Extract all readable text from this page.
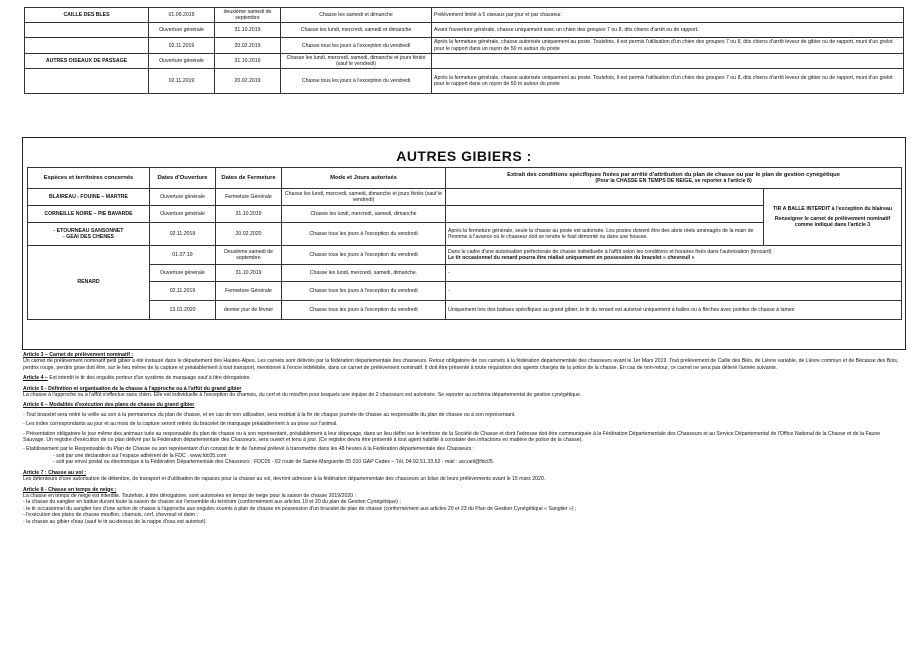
CAILLE DES BLES	01.09.2019	deuxième samedi de septembre	Chasse les samedi et dimanche	Prélèvement limité à 5 oiseaux par jour et par chasseur.
	Ouverture générale	31.10.2019	Chasse les lundi, mercredi, samedi et dimanche	Avant l'ouverture générale, chasse uniquement avec un chien des groupes 7 ou 8, dits chiens d'arrêt ou de rapport.
	02.11.2019	20.02.2019	Chasse tous les jours à l'exception du vendredi	Après la fermeture générale, chasse autorisée uniquement au poste. Toutefois, il est permis l'utilisation d'un chien des groupes 7 ou 8, dits chiens d'arrêt leveur de gibier ou de rapport, muni d'un grelot pour le rapport dans un rayon de 50 m autour du poste
AUTRES OISEAUX DE PASSAGE	Ouverture générale	31.10.2019	Chasse les lundi, mercredi, samedi, dimanche et jours fériés (sauf le vendredi)	
	02.11.2019	20.02.2019	Chasse tous les jours à l'exception du vendredi	Après la fermeture générale, chasse autorisée uniquement au poste. Toutefois, il est permis l'utilisation d'un chien des groupes 7 ou 8, dits chiens d'arrêt leveur de gibier ou de rapport, muni d'un grelot pour le rapport dans un rayon de 50 m autour du poste
AUTRES GIBIERS :
Espèces et territoires concernés	Dates d'Ouverture	Dates de Fermeture	Mode et Jours autorisés	Extrait des conditions spécifiques fixées par arrêté d'attribution du plan de chasse ou par le plan de gestion cynégétique
(Pour la CHASSE EN TEMPS DE NEIGE, se reporter à l'article 8)	
BLAIREAU - FOUINE – MARTRE	Ouverture générale	Fermeture Générale	Chasse les lundi, mercredi, samedi, dimanche et jours fériés (sauf le vendredi)		TIR A BALLE INTERDIT à l'exception du blaireau
Renseigner le carnet de prélèvement nominatif comme indiqué dans l'article 3

CORNEILLE NOIRE – PIE BAVARDE	Ouverture générale	31.10.2019	Chasse les lundi, mercredi, samedi, dimanche		

- ETOURNEAU SANSONNET
- GEAI DES CHENES	02.11.2019	20.02.2020	Chasse tous les jours à l'exception du vendredi	Après la fermeture générale, seule la chasse au poste est autorisée. Les postes doivent être des abris réels aménagés de la main de l'homme à l'avance où le chasseur doit se rendre le fusil démonté ou dans une housse.	
RENARD	01.07.19	Deuxième samedi de septembre	Chasse tous les jours à l'exception du vendredi	Dans le cadre d'une autorisation préfectorale de chasse individuelle à l'affût selon les conditions et horaires fixés dans l'autorisation (brocard)
Le tir occasionnel du renard pourra être réalisé uniquement en possession du bracelet « chevreuil »	

	Ouverture générale	31.10.2019	Chasse les lundi, mercredi, samedi, dimanche.	-	
	02.11.2019	Fermeture Générale	Chasse tous les jours à l'exception du vendredi	-	
	13.01.2020	dernier jour de février	Chasse tous les jours à l'exception du vendredi	Uniquement lors des battues spécifiques au grand gibier, le tir du renard est autorisé uniquement à balles ou à flèches avec pointes de chasse à lames	

Article 3 – Carnet de prélèvement nominatif :
Un carnet de prélèvement nominatif petit gibier a été instauré dans le département des Hautes-Alpes. Les carnets sont délivrés par la fédération départementale des chasseurs. Retour obligatoire de ces carnets à la fédération départementale des chasseurs avant le 1er Mars 2019. Tout prélèvement de Caille des Blés, de Lièvre variable, de Lièvre commun et de Bécasse des Bois, perdrix rouge, perdrix grise doit être, sur le lieu même de la capture et préalablement à tout transport, mentionné à l'encre indélébile, dans ce carnet de prélèvement nominatif. Il doit être présenté à toute réquisition des agents chargés de la police de la chasse. En cas de non-retour, ce carnet ne sera pas délivré l'année suivante.

Article 4 – Est interdit le tir des ongulés porteur d'un système de marquage sauf à titre dérogatoire.

Article 5 - Définition et organisation de la chasse à l'approche ou à l'affût du grand gibier
La chasse à l'approche ou à l'affût s'effectue sans chien. Elle est individuelle à l'exception du chamois, du cerf et du mouflon pour lesquels une équipe de 2 chasseurs est autorisée. Se reporter au schéma départemental de gestion cynégétique.

Article 6 – Modalités d'exécution des plans de chasse du grand gibier
- Tout bracelet sera retiré la veille au soir à la permanence du plan de chasse, et en cas de non utilisation, sera restitué à la fin de chaque journée de chasse au responsable du plan de chasse ou à son représentant.
- Les index correspondants au jour et au mois de la capture seront retirés du bracelet de marquage préalablement à sa pose sur l'animal.
- Présentation obligatoire le jour même des animaux tués au responsable du plan de chasse ou à son représentant, préalablement à leur dépeçage, dans un lieu défini sur le territoire de la Société de Chasse et dont l'adresse doit être communiquée à la Fédération Départementale des Chasseurs et au Service Départemental de l'Office National de la Chasse et de la Faune Sauvage. Un registre d'exécution de ce plan délivré par la Fédération départementale des Chasseurs, sera ouvert et tenu à jour. (Ce registre devra être présenté à tout agent habilité à constater des infractions en matière de police de la chasse).
- Etablissement par le Responsable du Plan de Chasse ou son représentant d'un constat de tir de l'animal prélevé à transmettre dans les 48 heures à la Fédération départementale des Chasseurs :
- soit par une déclaration sur l'espace adhérent de la FDC : www.fdc05.com
- soit par envoi postal ou électronique à la Fédération Départementale des Chasseurs : FDC05 - 62 route de Sainte-Marguerite 05 010 GAP Cedex – Tél. 04.92.51.33.62 - mail : accueil@fdc05

Article 7 : Chasse au vol :
Les détenteurs d'une autorisation de détention, de transport et d'utilisation de rapaces pour la chasse au vol, devront adresser à la fédération départementale des chasseurs un bilan de leurs prélèvements avant le 15 mars 2020.

Article 8 - Chasse en temps de neige :
La chasse en temps de neige est interdite. Toutefois, à titre dérogatoire, sont autorisées en temps de neige pour la saison de chasse 2019/2020 :
- la chasse du sanglier en battue durant toute la saison de chasse sur l'ensemble du territoire (conformément aux articles 19 et 20 du plan de Gestion Cynégétique) ;
- le tir occasionnel du sanglier lors d'une action de chasse à l'approche aux ongulés soumis à plan de chasse en possession d'un bracelet de plan de chasse (conformément aux articles 20 et 23 du Plan de Gestion Cynégétique « Sanglier ») ;
- l'exécution des plans de chasse mouflon, chamois, cerf, chevreuil et daim ;
- la chasse au gibier d'eau (sauf le tir au-dessus de la nappe d'eau est autorisé).
